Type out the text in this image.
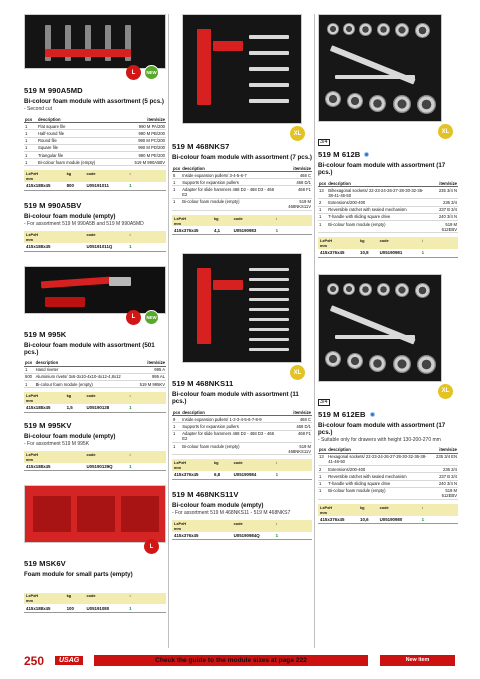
L	NEW
519 M 990A5MD
Bi-colour foam module with assortment (5 pcs.)
- Second cut
pcs	description	item/size
1	Flat square file	990 M PA/200
1	Half-round file	990 M PB/200
1	Round file	990 M PC/200
1	Square file	990 M PD/200
1	Triangular file	990 M PE/200
1	Bi-colour foam module (empty)	519 M 990A5BV
LxPxH
mm
kg	code	↕
415x188x45	800	U05191011	1
519 M 990A5BV
Bi-colour foam module (empty)
- For assortment 519 M 990A5B and 519 M 990A5MD
LxPxH
mm
code	↕
415x188x45	U05191011Q	1
L	NEW
519 M 995K
Bi-colour foam module with assortment (501 pcs.)
pcs	description	item/size
1	Hand riveter	995 A
500	Aluminium rivets/ 3x6-3x10-4x10-4x12-4,8x12	995 AL
1	Bi-colour foam module (empty)	519 M 995KV
LxPxH
mm
kg	code	↕
415x188x45	1,5	U05190138	1
519 M 995KV
Bi-colour foam module (empty)
- For assortment 519 M 995K
LxPxH
mm
code	↕
415x188x45	U05190139Q	1
L
519 MSK6V
Foam module for small parts (empty)
LxPxH
mm
kg	code	↕
415x188x45	100	U05191080	1
XL
519 M 468NKS7
Bi-colour foam module with assortment (7 pcs.)
pcs	description	item/size
5	Inside expansion pullers/ 3-4-5-6-7	468 C
1	Supports for expansion pullers	468 D/1
1	Adapter for slide hammers 468 D2 - 468 D3 - 468 E2	468 F1
1	Bi-colour foam module (empty)	519 M 468NKS11V
LxPxH
mm
kg	code	↕
415x376x45	4,1	U05190983	1
XL
519 M 468NKS11
Bi-colour foam module with assortment (11 pcs.)
pcs	description	item/size
9	Inside expansion pullers/ 1-2-3-4-5-6-7-8-9	468 C
1	Supports for expansion pullers	468 D/1
1	Adapter for slide hammers 468 D2 - 468 D3 - 468 E2	468 F1
1	Bi-colour foam module (empty)	519 M 468NKS11V
LxPxH
mm
kg	code	↕
415x376x45	6,8	U05190984	1
519 M 468NKS11V
Bi-colour foam module (empty)
- For assortment 519 M 468NKS11 - 519 M 468NKS7
LxPxH
mm
code	↕
415x376x45	U05190984Q	1
XL
3/4
519 M 612B
Bi-colour foam module with assortment (17 pcs.)
pcs	description	item/size
13	Bihexagonal sockets/ 22-23-24-26-27-28-30-32-36-38-41-46-50	235 3/4 N
2	Extensions/200-400	236 3/4
1	Reversible ratchet with sealed mechanism	237 B 3/4
1	T-handle with sliding square drive	240 3/4 N
1	Bi-colour foam module (empty)	519 M 612EBV
LxPxH
mm
kg	code	↕
415x376x45	10,8	U05190981	1
XL
3/4
519 M 612EB
Bi-colour foam module with assortment (17 pcs.)
- Suitable only for drawers with height 130-200-270 mm
pcs	description	item/size
13	Hexagonal sockets/ 22-23-24-26-27-28-30-32-36-38-41-46-50	235 3/4 EN
2	Extensions/200-400	236 3/4
1	Reversible ratchet with sealed mechanism	237 B 3/4
1	T-handle with sliding square drive	240 3/4 N
1	Bi-colour foam module (empty)	519 M 612EBV
LxPxH
mm
kg	code	↕
415x376x45	10,6	U05190980	1
250	USAG	Check the guide to the module sizes at page 222	New item
